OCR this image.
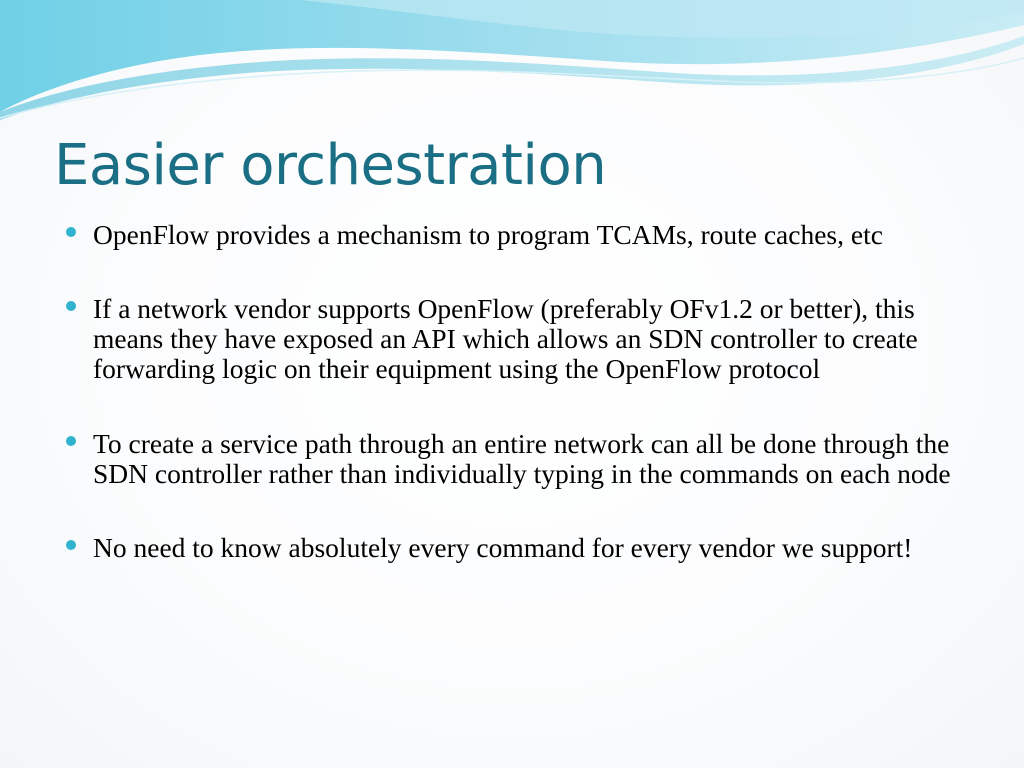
Easier orchestration
OpenFlow provides a mechanism to program TCAMs, route caches, etc
If a network vendor supports OpenFlow (preferably OFv1.2 or better), this means they have exposed an API which allows an SDN controller to create forwarding logic on their equipment using the OpenFlow protocol
To create a service path through an entire network can all be done through the SDN controller rather than individually typing in the commands on each node
No need to know absolutely every command for every vendor we support!
